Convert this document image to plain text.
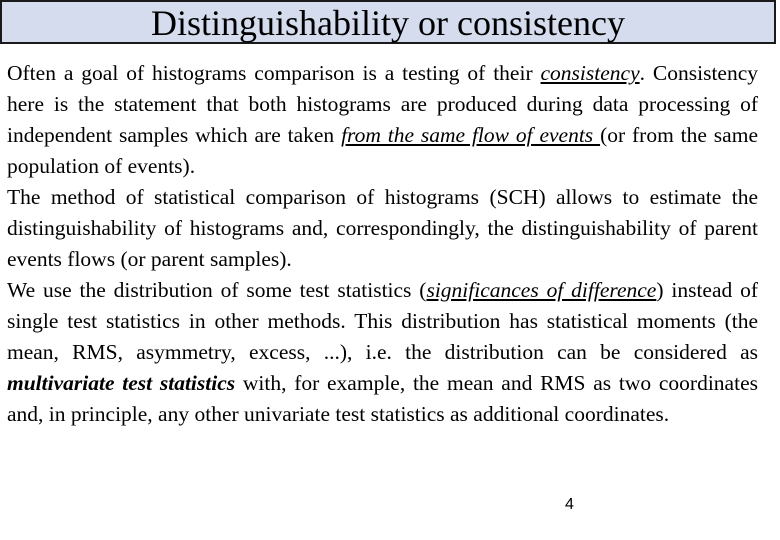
Distinguishability or consistency
Often a goal of histograms comparison is a testing of their consistency. Consistency here is the statement that both histograms are produced during data processing of independent samples which are taken from the same flow of events (or from the same population of events).
The method of statistical comparison of histograms (SCH) allows to estimate the distinguishability of histograms and, correspondingly, the distinguishability of parent events flows (or parent samples).
We use the distribution of some test statistics (significances of difference) instead of single test statistics in other methods. This distribution has statistical moments (the mean, RMS, asymmetry, excess, ...), i.e. the distribution can be considered as multivariate test statistics with, for example, the mean and RMS as two coordinates and, in principle, any other univariate test statistics as additional coordinates.
4
